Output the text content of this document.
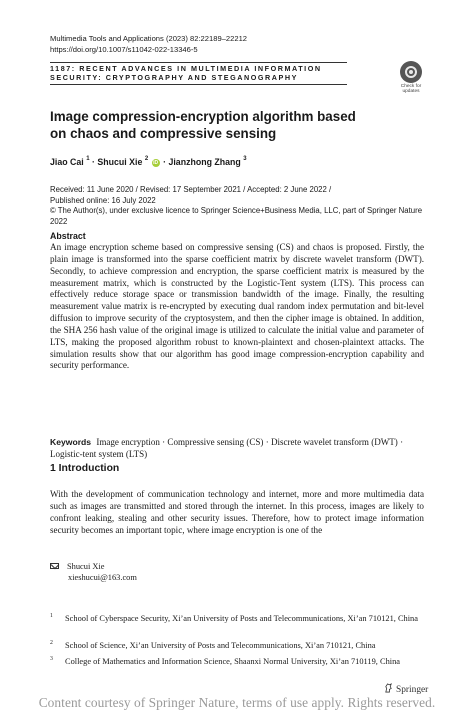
Multimedia Tools and Applications (2023) 82:22189–22212
https://doi.org/10.1007/s11042-022-13346-5
1187: RECENT ADVANCES IN MULTIMEDIA INFORMATION
SECURITY: CRYPTOGRAPHY AND STEGANOGRAPHY
Check for
updates
Image compression-encryption algorithm based
on chaos and compressive sensing
Jiao Cai $^1$ · Shucui Xie $^2$ iD · Jianzhong Zhang $^3$
Received: 11 June 2020 / Revised: 17 September 2021 / Accepted: 2 June 2022 /
Published online: 16 July 2022
© The Author(s), under exclusive licence to Springer Science+Business Media, LLC, part of Springer Nature 2022
Abstract
An image encryption scheme based on compressive sensing (CS) and chaos is proposed. Firstly, the plain image is transformed into the sparse coefficient matrix by discrete wavelet transform (DWT). Secondly, to achieve compression and encryption, the sparse coefficient matrix is measured by the measurement matrix, which is constructed by the Logistic-Tent system (LTS). This process can effectively reduce storage space or transmission bandwidth of the image. Finally, the resulting measurement value matrix is re-encrypted by executing dual random index permutation and bit-level diffusion to improve security of the cryptosystem, and then the cipher image is obtained. In addition, the SHA 256 hash value of the original image is utilized to calculate the initial value and parameter of LTS, making the proposed algorithm robust to known-plaintext and chosen-plaintext attacks. The simulation results show that our algorithm has good image compression-encryption capability and security performance.
Keywords Image encryption · Compressive sensing (CS) · Discrete wavelet transform (DWT) · Logistic-tent system (LTS)
1 Introduction
With the development of communication technology and internet, more and more multimedia data such as images are transmitted and stored through the internet. In this process, images are likely to confront leaking, stealing and other security issues. Therefore, how to protect image information security becomes an important topic, where image encryption is one of the
Shucui Xie
xieshucui@163.com
1 School of Cyberspace Security, Xi’an University of Posts and Telecommunications, Xi’an 710121, China
2 School of Science, Xi’an University of Posts and Telecommunications, Xi’an 710121, China
3 College of Mathematics and Information Science, Shaanxi Normal University, Xi’an 710119, China
Springer
Content courtesy of Springer Nature, terms of use apply. Rights reserved.
